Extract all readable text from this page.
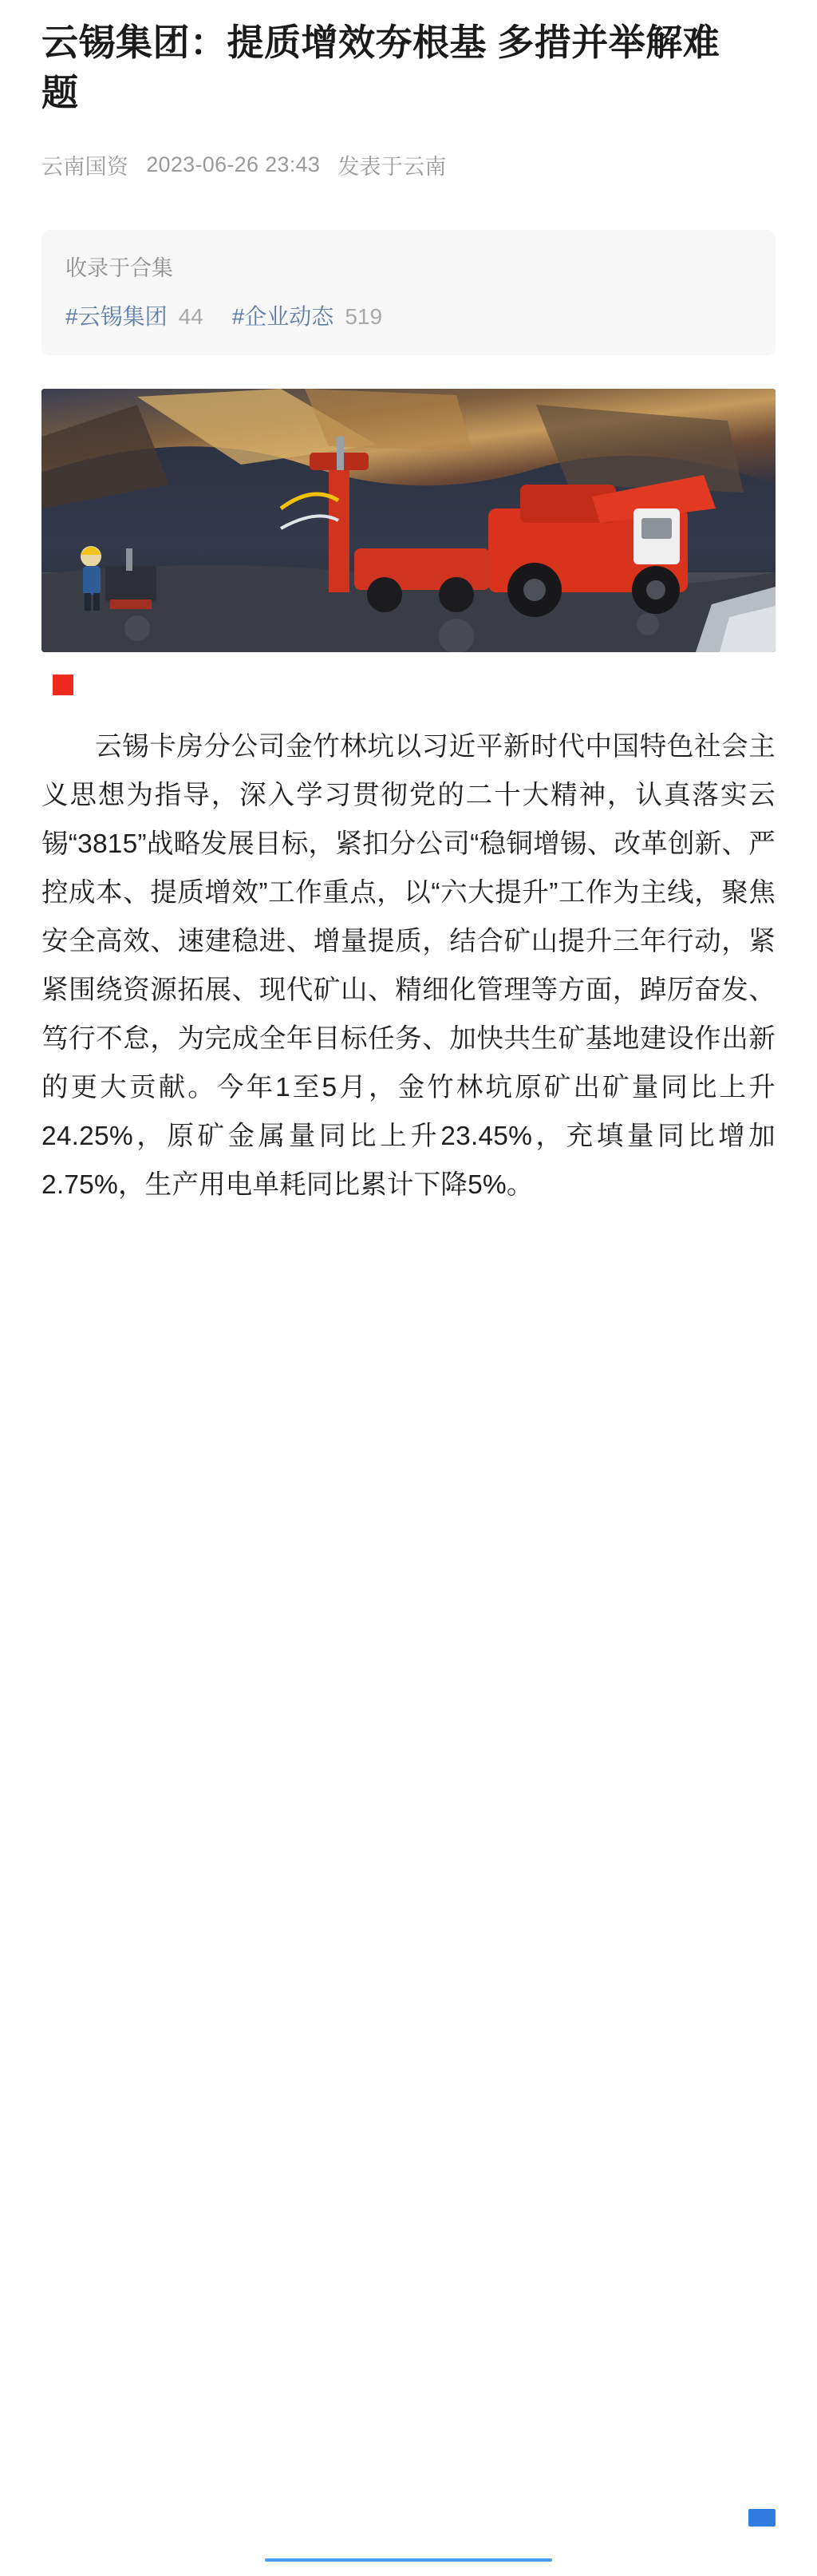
云锡集团：提质增效夯根基 多措并举解难题
云南国资 2023-06-26 23:43 发表于云南
收录于合集
#云锡集团 44 #企业动态 519

云锡卡房分公司金竹林坑以习近平新时代中国特色社会主义思想为指导，深入学习贯彻党的二十大精神，认真落实云锡“3815”战略发展目标，紧扣分公司“稳铜增锡、改革创新、严控成本、提质增效”工作重点，以“六大提升”工作为主线，聚焦安全高效、速建稳进、增量提质，结合矿山提升三年行动，紧紧围绕资源拓展、现代矿山、精细化管理等方面，踔厉奋发、笃行不怠，为完成全年目标任务、加快共生矿基地建设作出新的更大贡献。今年1至5月，金竹林坑原矿出矿量同比上升24.25%，原矿金属量同比上升23.45%，充填量同比增加2.75%，生产用电单耗同比累计下降5%。
